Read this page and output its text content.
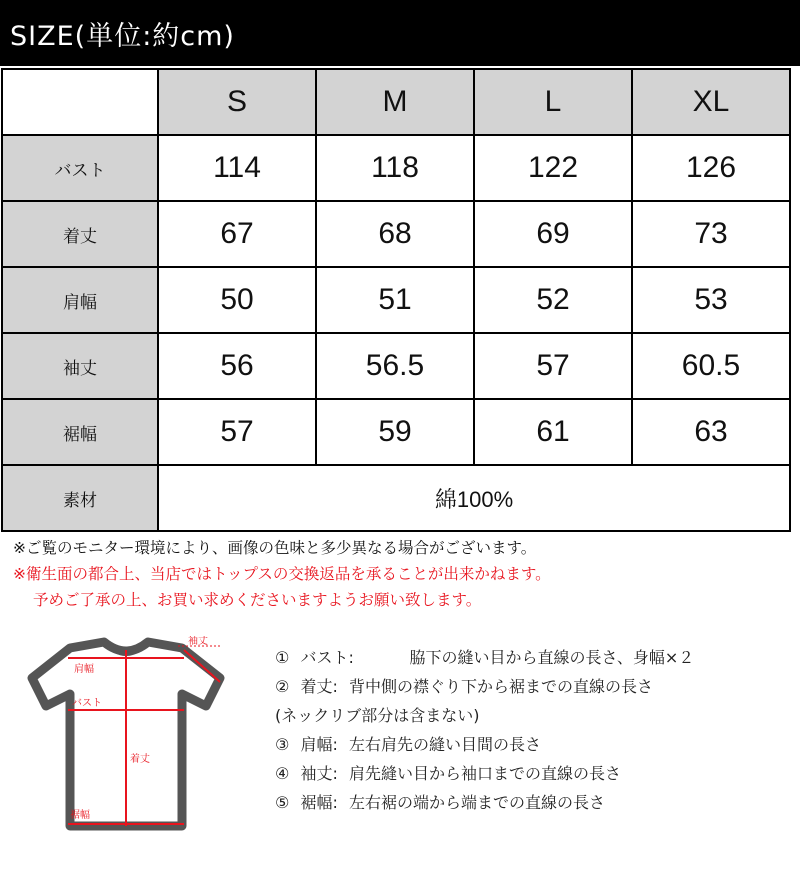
SIZE(単位:約cm)
	S	M	L	XL
バスト	114	118	122	126
着丈	67	68	69	73
肩幅	50	51	52	53
袖丈	56	56.5	57	60.5
裾幅	57	59	61	63
素材	綿100%			
※ご覧のモニター環境により、画像の色味と多少異なる場合がございます。
※衛生面の都合上、当店ではトップスの交換返品を承ることが出来かねます。
予めご了承の上、お買い求めくださいますようお願い致します。
肩幅
袖丈
バスト
着丈
裾幅
① バスト:	脇下の縫い目から直線の長さ、身幅×２
② 着丈: 背中側の襟ぐり下から裾までの直線の長さ
(ネックリブ部分は含まない)
③ 肩幅: 左右肩先の縫い目間の長さ
④ 袖丈: 肩先縫い目から袖口までの直線の長さ
⑤ 裾幅: 左右裾の端から端までの直線の長さ
